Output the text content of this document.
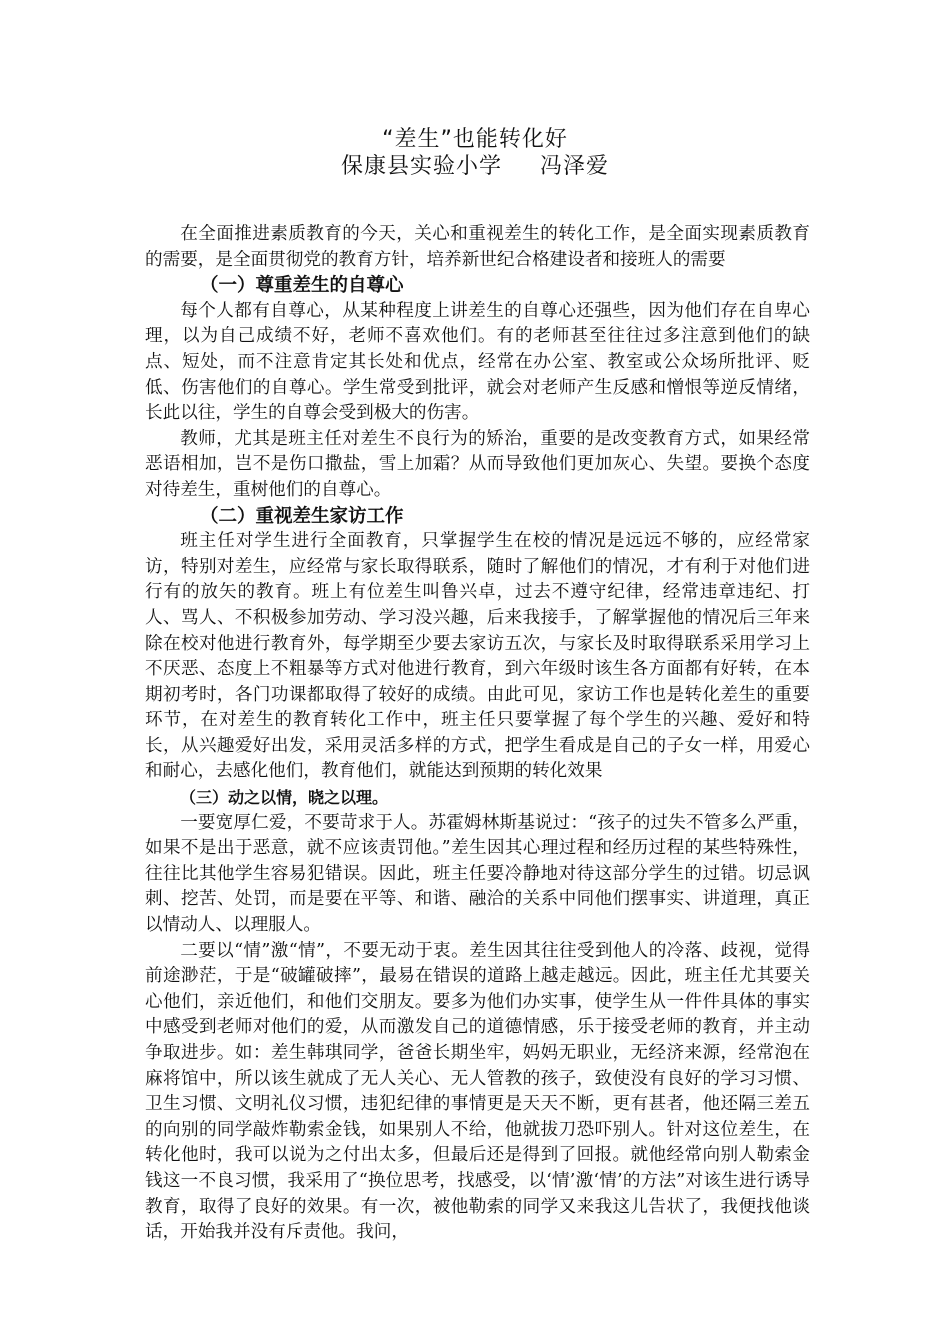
“差生”也能转化好
保康县实验小学 冯泽爱

在全面推进素质教育的今天，关心和重视差生的转化工作，是全面实现素质教育的需要，是全面贯彻党的教育方针，培养新世纪合格建设者和接班人的需要

（一）尊重差生的自尊心

每个人都有自尊心，从某种程度上讲差生的自尊心还强些，因为他们存在自卑心理，以为自己成绩不好，老师不喜欢他们。有的老师甚至往往过多注意到他们的缺点、短处，而不注意肯定其长处和优点，经常在办公室、教室或公众场所批评、贬低、伤害他们的自尊心。学生常受到批评，就会对老师产生反感和憎恨等逆反情绪，长此以往，学生的自尊会受到极大的伤害。

教师，尤其是班主任对差生不良行为的矫治，重要的是改变教育方式，如果经常恶语相加，岂不是伤口撒盐，雪上加霜？从而导致他们更加灰心、失望。要换个态度对待差生，重树他们的自尊心。

（二）重视差生家访工作

班主任对学生进行全面教育，只掌握学生在校的情况是远远不够的，应经常家访，特别对差生，应经常与家长取得联系，随时了解他们的情况，才有利于对他们进行有的放矢的教育。班上有位差生叫鲁兴卓，过去不遵守纪律，经常违章违纪、打人、骂人、不积极参加劳动、学习没兴趣，后来我接手，了解掌握他的情况后三年来除在校对他进行教育外，每学期至少要去家访五次，与家长及时取得联系采用学习上不厌恶、态度上不粗暴等方式对他进行教育，到六年级时该生各方面都有好转，在本期初考时，各门功课都取得了较好的成绩。由此可见，家访工作也是转化差生的重要环节，在对差生的教育转化工作中，班主任只要掌握了每个学生的兴趣、爱好和特长，从兴趣爱好出发，采用灵活多样的方式，把学生看成是自己的子女一样，用爱心和耐心，去感化他们，教育他们，就能达到预期的转化效果

（三）动之以情，晓之以理。

一要宽厚仁爱，不要苛求于人。苏霍姆林斯基说过：“孩子的过失不管多么严重，如果不是出于恶意，就不应该责罚他。”差生因其心理过程和经历过程的某些特殊性，往往比其他学生容易犯错误。因此，班主任要冷静地对待这部分学生的过错。切忌讽刺、挖苦、处罚，而是要在平等、和谐、融洽的关系中同他们摆事实、讲道理，真正以情动人、以理服人。

二要以“情”激“情”，不要无动于衷。差生因其往往受到他人的冷落、歧视，觉得前途渺茫，于是“破罐破摔”，最易在错误的道路上越走越远。因此，班主任尤其要关心他们，亲近他们，和他们交朋友。要多为他们办实事，使学生从一件件具体的事实中感受到老师对他们的爱，从而激发自己的道德情感，乐于接受老师的教育，并主动争取进步。如：差生韩琪同学，爸爸长期坐牢，妈妈无职业，无经济来源，经常泡在麻将馆中，所以该生就成了无人关心、无人管教的孩子，致使没有良好的学习习惯、卫生习惯、文明礼仪习惯，违犯纪律的事情更是天天不断，更有甚者，他还隔三差五的向别的同学敲炸勒索金钱，如果别人不给，他就拔刀恐吓别人。针对这位差生，在转化他时，我可以说为之付出太多，但最后还是得到了回报。就他经常向别人勒索金钱这一不良习惯，我采用了“换位思考，找感受，以‘情’激‘情’的方法”对该生进行诱导教育，取得了良好的效果。有一次，被他勒索的同学又来我这儿告状了，我便找他谈话，开始我并没有斥责他。我问，
